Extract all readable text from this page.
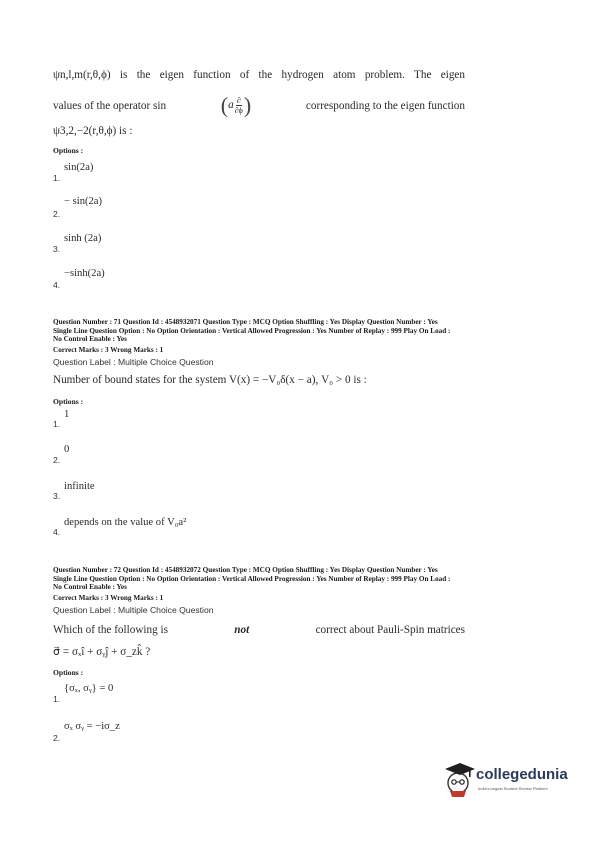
ψn,l,m(r,θ,ϕ) is the eigen function of the hydrogen atom problem. The eigen
values of the operator $\sin (a \frac{\partial}{\partial\phi}$ )	corresponding to the eigen function
ψ3,2,−2(r,θ,ϕ) is :
Options :
1.
sin(2a)
2.
− sin(2a)
3.
sinh (2a)
4.
−sinh(2a)
Question Number : 71 Question Id : 4548932071 Question Type : MCQ Option Shuffling : Yes Display Question Number : Yes
Single Line Question Option : No Option Orientation : Vertical Allowed Progression : Yes Number of Replay : 999 Play On Load :
No Control Enable : Yes
Correct Marks : 3 Wrong Marks : 1
Question Label : Multiple Choice Question
Number of bound states for the system V(x) = −V₀δ(x − a), V₀ > 0 is :
Options :
1.
1
2.
0
3.
infinite
4.
depends on the value of V₀a²
Question Number : 72 Question Id : 4548932072 Question Type : MCQ Option Shuffling : Yes Display Question Number : Yes
Single Line Question Option : No Option Orientation : Vertical Allowed Progression : Yes Number of Replay : 999 Play On Load :
No Control Enable : Yes
Correct Marks : 3 Wrong Marks : 1
Question Label : Multiple Choice Question
Which of the following is	not	correct about Pauli-Spin matrices
σ⃗ = σₓî + σᵧĵ + σ_zk̂ ?
Options :
1.
{σₓ, σᵧ} = 0
2.
σₓ σᵧ = −iσ_z
collegedunia
India's largest Student Review Platform
